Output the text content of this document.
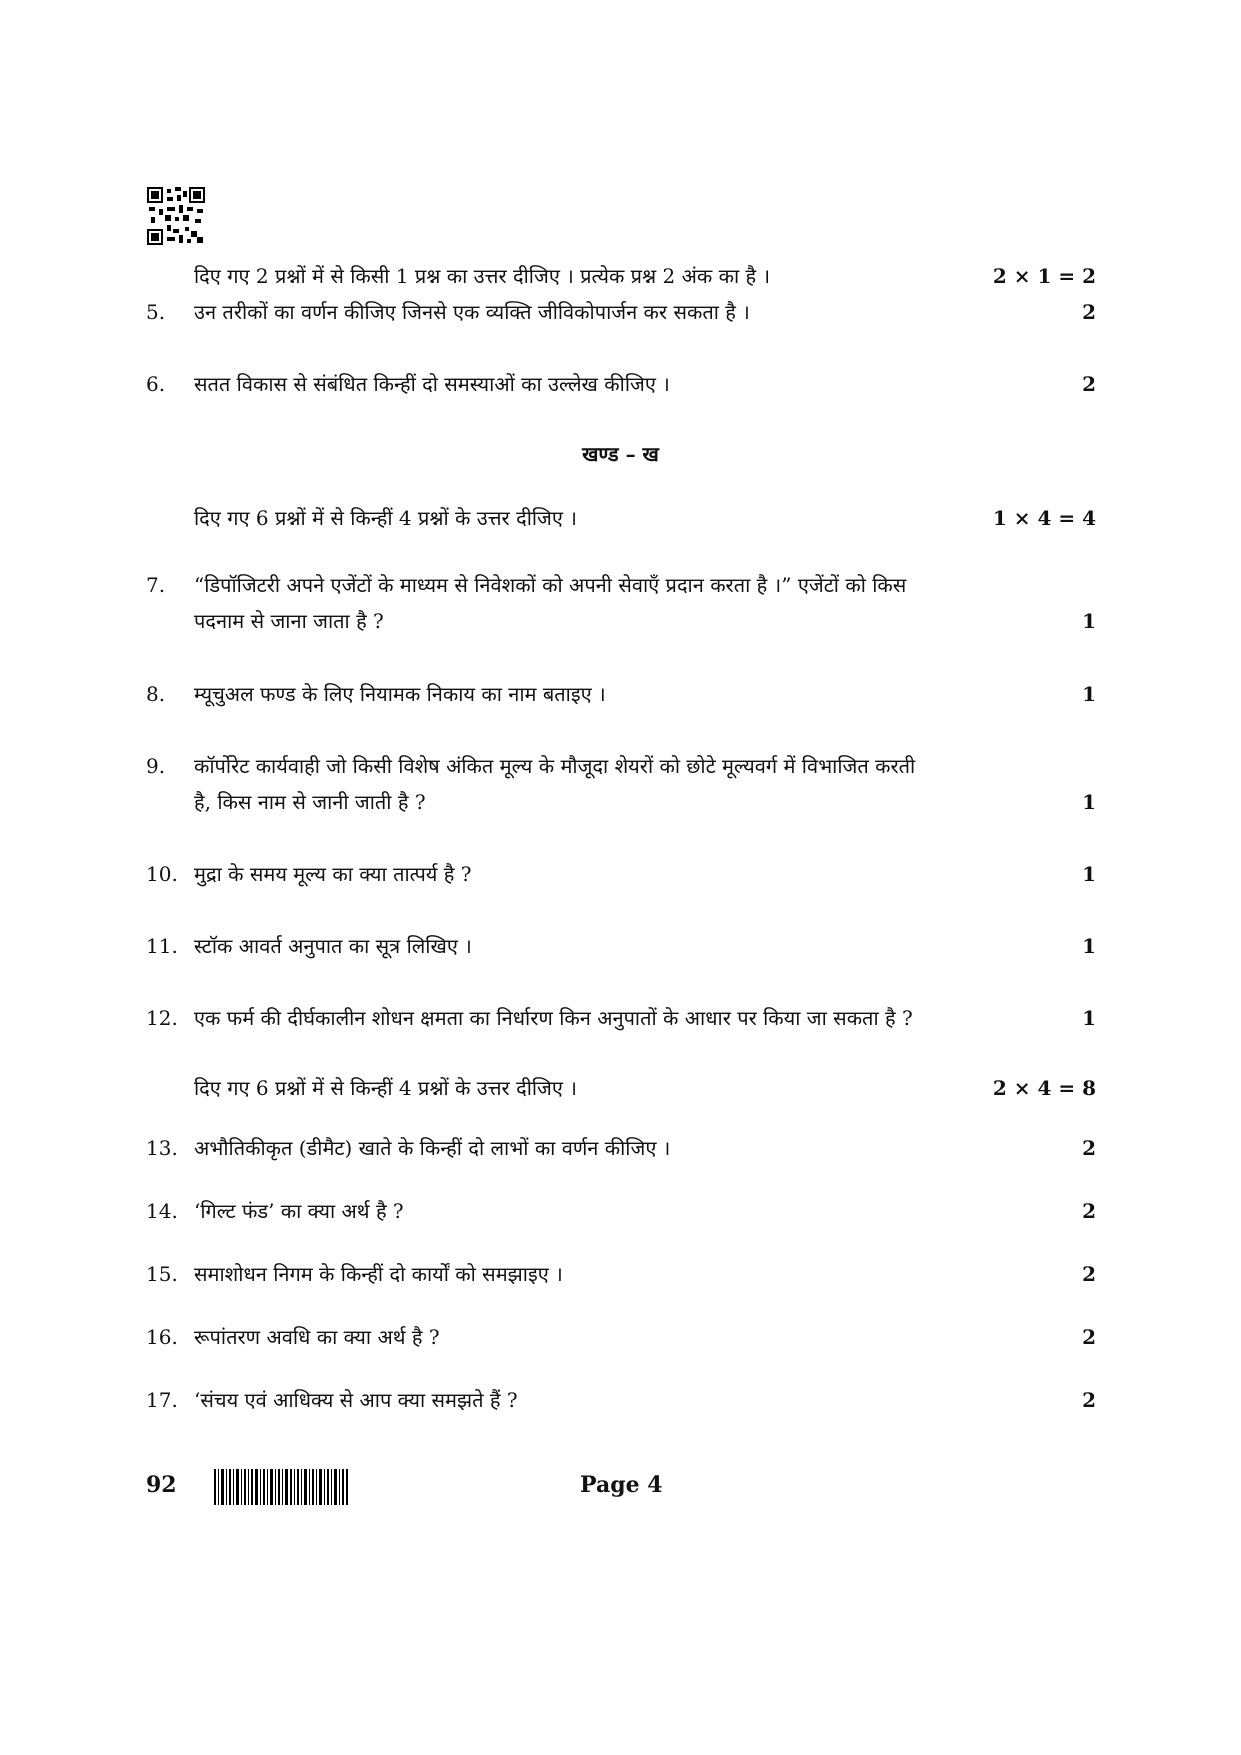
दिए गए 2 प्रश्नों में से किसी 1 प्रश्न का उत्तर दीजिए । प्रत्येक प्रश्न 2 अंक का है ।	2 × 1 = 2
5.	उन तरीकों का वर्णन कीजिए जिनसे एक व्यक्ति जीविकोपार्जन कर सकता है ।	2
6.	सतत विकास से संबंधित किन्हीं दो समस्याओं का उल्लेख कीजिए ।	2
खण्ड – ख
दिए गए 6 प्रश्नों में से किन्हीं 4 प्रश्नों के उत्तर दीजिए ।	1 × 4 = 4
7.	“डिपॉजिटरी अपने एजेंटों के माध्यम से निवेशकों को अपनी सेवाएँ प्रदान करता है ।” एजेंटों को किस
पदनाम से जाना जाता है ?	1
8.	म्यूचुअल फण्ड के लिए नियामक निकाय का नाम बताइए ।	1
9.	कॉर्पोरेट कार्यवाही जो किसी विशेष अंकित मूल्य के मौजूदा शेयरों को छोटे मूल्यवर्ग में विभाजित करती
है, किस नाम से जानी जाती है ?	1
10. मुद्रा के समय मूल्य का क्या तात्पर्य है ?	1
11. स्टॉक आवर्त अनुपात का सूत्र लिखिए ।	1
12. एक फर्म की दीर्घकालीन शोधन क्षमता का निर्धारण किन अनुपातों के आधार पर किया जा सकता है ?	1
दिए गए 6 प्रश्नों में से किन्हीं 4 प्रश्नों के उत्तर दीजिए ।	2 × 4 = 8
13. अभौतिकीकृत (डीमैट) खाते के किन्हीं दो लाभों का वर्णन कीजिए ।	2
14. ‘गिल्ट फंड’ का क्या अर्थ है ?	2
15. समाशोधन निगम के किन्हीं दो कार्यों को समझाइए ।	2
16. रूपांतरण अवधि का क्या अर्थ है ?	2
17. ‘संचय एवं आधिक्य से आप क्या समझते हैं ?	2
92	Page 4
